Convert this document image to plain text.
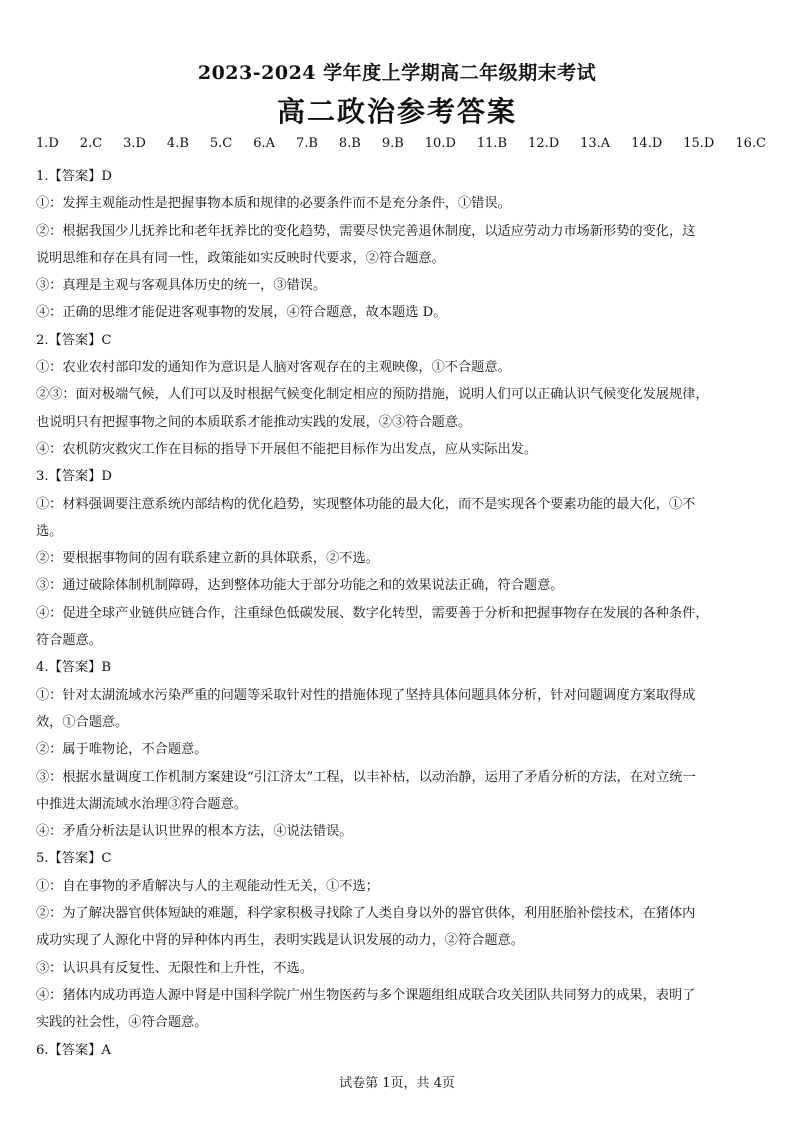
2023-2024 学年度上学期高二年级期末考试
高二政治参考答案
1.D 2.C 3.D 4.B 5.C 6.A 7.B 8.B 9.B 10.D 11.B 12.D 13.A 14.D 15.D 16.C
1.【答案】D
①：发挥主观能动性是把握事物本质和规律的必要条件而不是充分条件，①错误。
②：根据我国少儿抚养比和老年抚养比的变化趋势，需要尽快完善退休制度，以适应劳动力市场新形势的变化，这
说明思维和存在具有同一性，政策能如实反映时代要求，②符合题意。
③：真理是主观与客观具体历史的统一，③错误。
④：正确的思维才能促进客观事物的发展，④符合题意，故本题选 D。
2.【答案】C
①：农业农村部印发的通知作为意识是人脑对客观存在的主观映像，①不合题意。
②③：面对极端气候，人们可以及时根据气候变化制定相应的预防措施，说明人们可以正确认识气候变化发展规律，
也说明只有把握事物之间的本质联系才能推动实践的发展，②③符合题意。
④：农机防灾救灾工作在目标的指导下开展但不能把目标作为出发点，应从实际出发。
3.【答案】D
①：材料强调要注意系统内部结构的优化趋势，实现整体功能的最大化，而不是实现各个要素功能的最大化，①不
选。
②：要根据事物间的固有联系建立新的具体联系，②不选。
③：通过破除体制机制障碍，达到整体功能大于部分功能之和的效果说法正确，符合题意。
④：促进全球产业链供应链合作，注重绿色低碳发展、数字化转型，需要善于分析和把握事物存在发展的各种条件，
符合题意。
4.【答案】B
①：针对太湖流域水污染严重的问题等采取针对性的措施体现了坚持具体问题具体分析，针对问题调度方案取得成
效，①合题意。
②：属于唯物论，不合题意。
③：根据水量调度工作机制方案建设“引江济太”工程，以丰补枯，以动治静，运用了矛盾分析的方法，在对立统一
中推进太湖流域水治理③符合题意。
④：矛盾分析法是认识世界的根本方法，④说法错误。
5.【答案】C
①：自在事物的矛盾解决与人的主观能动性无关，①不选；
②：为了解决器官供体短缺的难题，科学家积极寻找除了人类自身以外的器官供体，利用胚胎补偿技术，在猪体内
成功实现了人源化中肾的异种体内再生，表明实践是认识发展的动力，②符合题意。
③：认识具有反复性、无限性和上升性，不选。
④：猪体内成功再造人源中肾是中国科学院广州生物医药与多个课题组组成联合攻关团队共同努力的成果，表明了
实践的社会性，④符合题意。
6.【答案】A
试卷第 1页，共 4页
